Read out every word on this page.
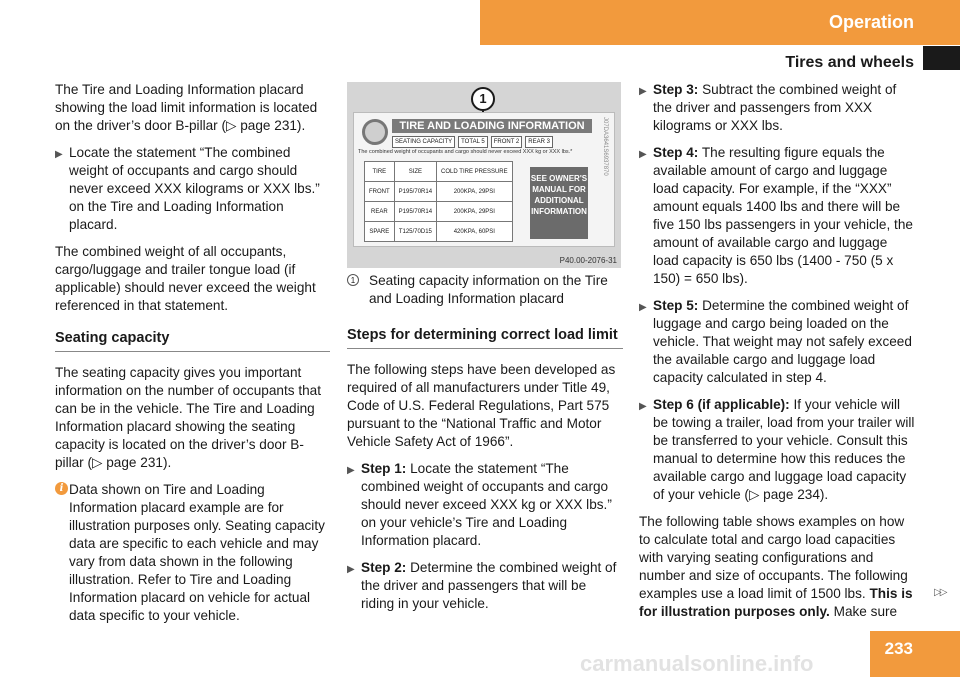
Operation
Tires and wheels

The Tire and Loading Information placard showing the load limit information is located on the driver’s door B-pillar (▷ page 231).

▶ Locate the statement “The combined weight of occupants and cargo should never exceed XXX kilograms or XXX lbs.” on the Tire and Loading Information placard.

The combined weight of all occupants, cargo/luggage and trailer tongue load (if applicable) should never exceed the weight referenced in that statement.

Seating capacity

The seating capacity gives you important information on the number of occupants that can be in the vehicle. The Tire and Loading Information placard showing the seating capacity is located on the driver’s door B-pillar (▷ page 231).

i Data shown on Tire and Loading Information placard example are for illustration purposes only. Seating capacity data are specific to each vehicle and may vary from data shown in the following illustration. Refer to Tire and Loading Information placard on vehicle for actual data specific to your vehicle.
1
TIRE AND LOADING INFORMATION
SEATING CAPACITY TOTAL 5 FRONT 2 REAR 3
The combined weight of occupants and cargo should never exceed XXX kg or XXX lbs.*
TIRE	SIZE	COLD TIRE PRESSURE
FRONT	P195/70R14	200KPA, 29PSI
REAR	P195/70R14	200KPA, 29PSI
SPARE	T125/70D15	420KPA, 60PSI
SEE OWNER'S MANUAL FOR ADDITIONAL INFORMATION
J07DA3641S6937870
P40.00-2076-31
1 Seating capacity information on the Tire and Loading Information placard
Steps for determining correct load limit

The following steps have been developed as required of all manufacturers under Title 49, Code of U.S. Federal Regulations, Part 575 pursuant to the “National Traffic and Motor Vehicle Safety Act of 1966”.

▶ Step 1: Locate the statement “The combined weight of occupants and cargo should never exceed XXX kg or XXX lbs.” on your vehicle’s Tire and Loading Information placard.
▶ Step 2: Determine the combined weight of the driver and passengers that will be riding in your vehicle.
▶ Step 3: Subtract the combined weight of the driver and passengers from XXX kilograms or XXX lbs.
▶ Step 4: The resulting figure equals the available amount of cargo and luggage load capacity. For example, if the “XXX” amount equals 1400 lbs and there will be five 150 lbs passengers in your vehicle, the amount of available cargo and luggage load capacity is 650 lbs (1400 - 750 (5 x 150) = 650 lbs).
▶ Step 5: Determine the combined weight of luggage and cargo being loaded on the vehicle. That weight may not safely exceed the available cargo and luggage load capacity calculated in step 4.
▶ Step 6 (if applicable): If your vehicle will be towing a trailer, load from your trailer will be transferred to your vehicle. Consult this manual to determine how this reduces the available cargo and luggage load capacity of your vehicle (▷ page 234).

The following table shows examples on how to calculate total and cargo load capacities with varying seating configurations and number and size of occupants. The following examples use a load limit of 1500 lbs. This is for illustration purposes only. Make sure

▷▷
233
carmanualsonline.info
